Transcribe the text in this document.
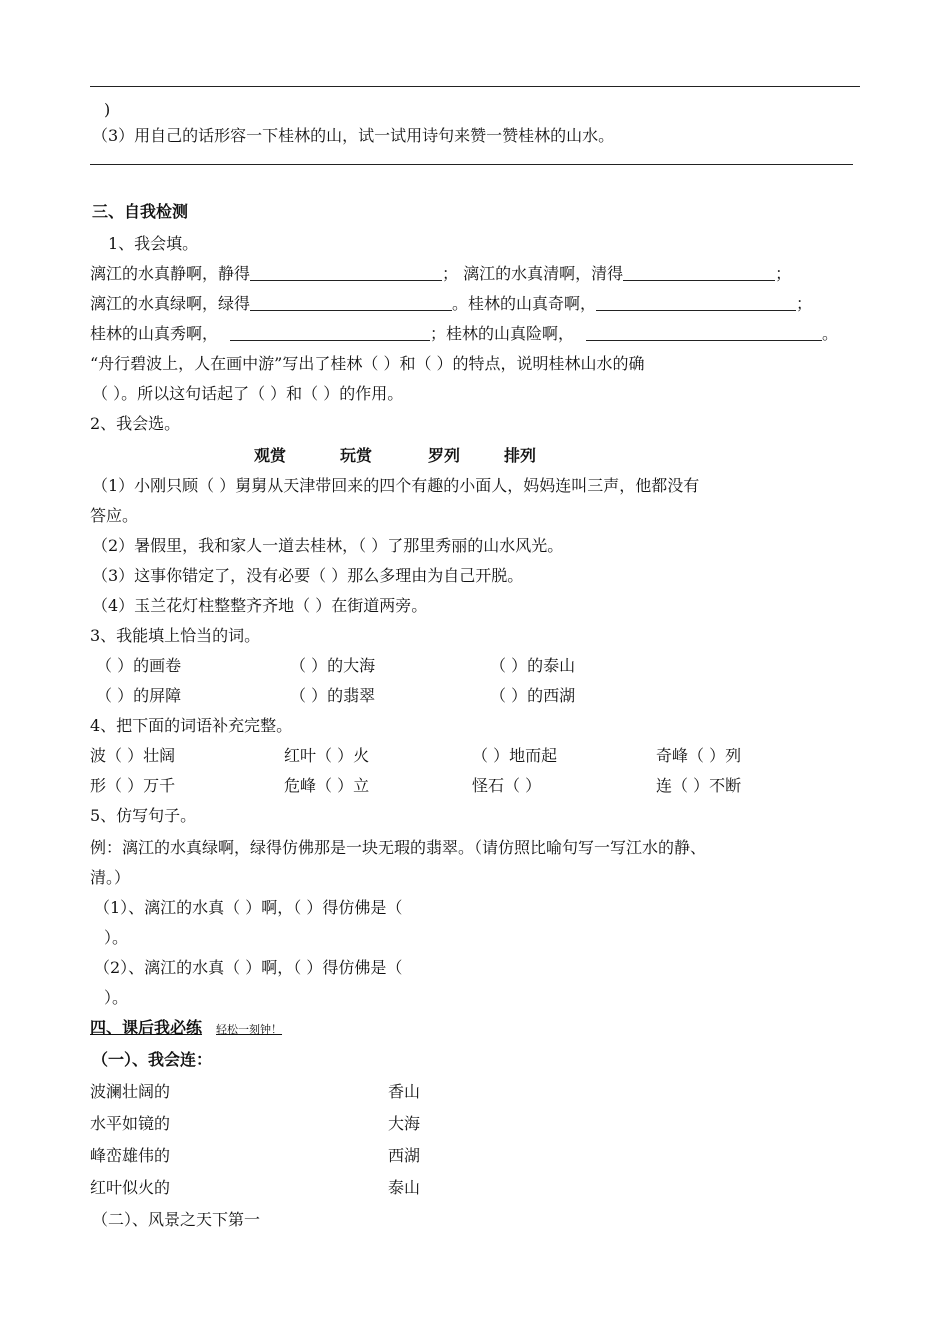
)
（3）用自己的话形容一下桂林的山，试一试用诗句来赞一赞桂林的山水。
三、自我检测
1、我会填。
漓江的水真静啊，静得	； 漓江的水真清啊，清得	；
漓江的水真绿啊，绿得	。桂林的山真奇啊，	；
桂林的山真秀啊，	；桂林的山真险啊，	。
“舟行碧波上，人在画中游”写出了桂林（ ）和（ ）的特点，说明桂林山水的确
（ ）。所以这句话起了（ ）和（ ）的作用。
2、我会选。
观赏	玩赏	罗列	排列
（1）小刚只顾（ ）舅舅从天津带回来的四个有趣的小面人，妈妈连叫三声，他都没有
答应。
（2）暑假里，我和家人一道去桂林，（ ）了那里秀丽的山水风光。
（3）这事你错定了，没有必要（ ）那么多理由为自己开脱。
（4）玉兰花灯柱整整齐齐地（ ）在街道两旁。
3、我能填上恰当的词。
（ ）的画卷	（ ）的大海	（ ）的泰山
（ ）的屏障	（ ）的翡翠	（ ）的西湖
4、把下面的词语补充完整。
波（ ）壮阔	红叶（ ）火	（ ）地而起	奇峰（ ）列
形（ ）万千	危峰（ ）立	怪石（ ）	连（ ）不断
5、仿写句子。
例：漓江的水真绿啊，绿得仿佛那是一块无瑕的翡翠。（请仿照比喻句写一写江水的静、
清。）
（1）、漓江的水真（ ）啊，（ ）得仿佛是（
）。
（2）、漓江的水真（ ）啊，（ ）得仿佛是（
）。
四、课后我必练 轻松一刻钟！
（一）、我会连：
波澜壮阔的	香山
水平如镜的	大海
峰峦雄伟的	西湖
红叶似火的	泰山
（二）、风景之天下第一
